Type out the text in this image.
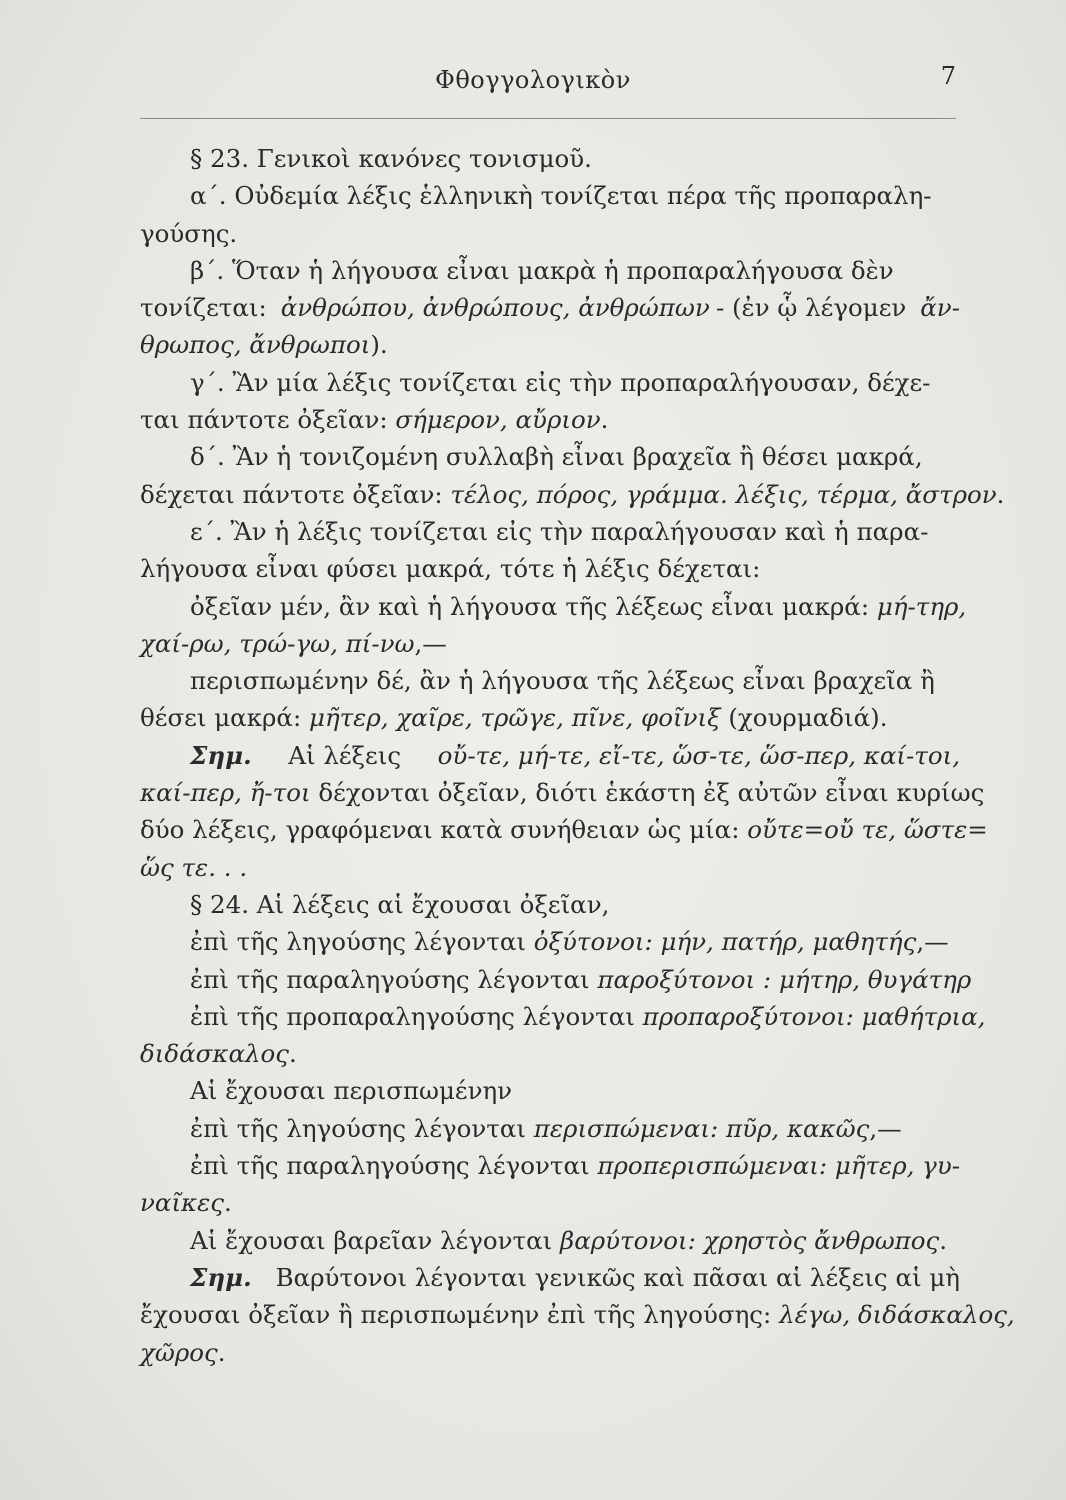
Φθογγολογικὸν	7
§ 23. Γενικοὶ κανόνες τονισμοῦ.
α΄. Οὐδεμία λέξις ἑλληνικὴ τονίζεται πέρα τῆς προπαραλη-
γούσης.
β΄. Ὅταν ἡ λήγουσα εἶναι μακρὰ ἡ προπαραλήγουσα δὲν
τονίζεται: ἀνθρώπου, ἀνθρώπους, ἀνθρώπων - (ἐν ᾧ λέγομεν ἄν-
θρωπος, ἄνθρωποι ).
γ΄. Ἂν μία λέξις τονίζεται εἰς τὴν προπαραλήγουσαν, δέχε-
ται πάντοτε ὀξεῖαν: σήμερον, αὔριον .
δ΄. Ἂν ἡ τονιζομένη συλλαβὴ εἶναι βραχεῖα ἢ θέσει μακρά,
δέχεται πάντοτε ὀξεῖαν: τέλος, πόρος, γράμμα. λέξις, τέρμα, ἄστρον .
ε΄. Ἂν ἡ λέξις τονίζεται εἰς τὴν παραλήγουσαν καὶ ἡ παρα-
λήγουσα εἶναι φύσει μακρά, τότε ἡ λέξις δέχεται:
ὀξεῖαν μέν, ἂν καὶ ἡ λήγουσα τῆς λέξεως εἶναι μακρά: μή-τηρ,
χαί-ρω, τρώ-γω, πί-νω ,—
περισπωμένην δέ, ἂν ἡ λήγουσα τῆς λέξεως εἶναι βραχεῖα ἢ
θέσει μακρά: μῆτερ, χαῖρε, τρῶγε, πῖνε, φοῖνιξ (χουρμαδιά).
Σημ. Αἱ λέξεις οὔ-τε, μή-τε, εἴ-τε, ὥσ-τε, ὥσ-περ, καί-τοι,
καί-περ, ἤ-τοι δέχονται ὀξεῖαν, διότι ἑκάστη ἐξ αὐτῶν εἶναι κυρίως
δύο λέξεις, γραφόμεναι κατὰ συνήθειαν ὡς μία: οὔτε=οὔ τε, ὥστε=
ὥς τε. . .
§ 24. Αἱ λέξεις αἱ ἔχουσαι ὀξεῖαν,
ἐπὶ τῆς ληγούσης λέγονται ὀξύτονοι: μήν, πατήρ, μαθητής ,—
ἐπὶ τῆς παραληγούσης λέγονται παροξύτονοι : μήτηρ, θυγάτηρ
ἐπὶ τῆς προπαραληγούσης λέγονται προπαροξύτονοι: μαθήτρια,
διδάσκαλος .
Αἱ ἔχουσαι περισπωμένην
ἐπὶ τῆς ληγούσης λέγονται περισπώμεναι: πῦρ, κακῶς ,—
ἐπὶ τῆς παραληγούσης λέγονται προπερισπώμεναι: μῆτερ, γυ-
ναῖκες .
Αἱ ἔχουσαι βαρεῖαν λέγονται βαρύτονοι: χρηστὸς ἄνθρωπος .
Σημ. Βαρύτονοι λέγονται γενικῶς καὶ πᾶσαι αἱ λέξεις αἱ μὴ
ἔχουσαι ὀξεῖαν ἢ περισπωμένην ἐπὶ τῆς ληγούσης: λέγω, διδάσκαλος,
χῶρος .
